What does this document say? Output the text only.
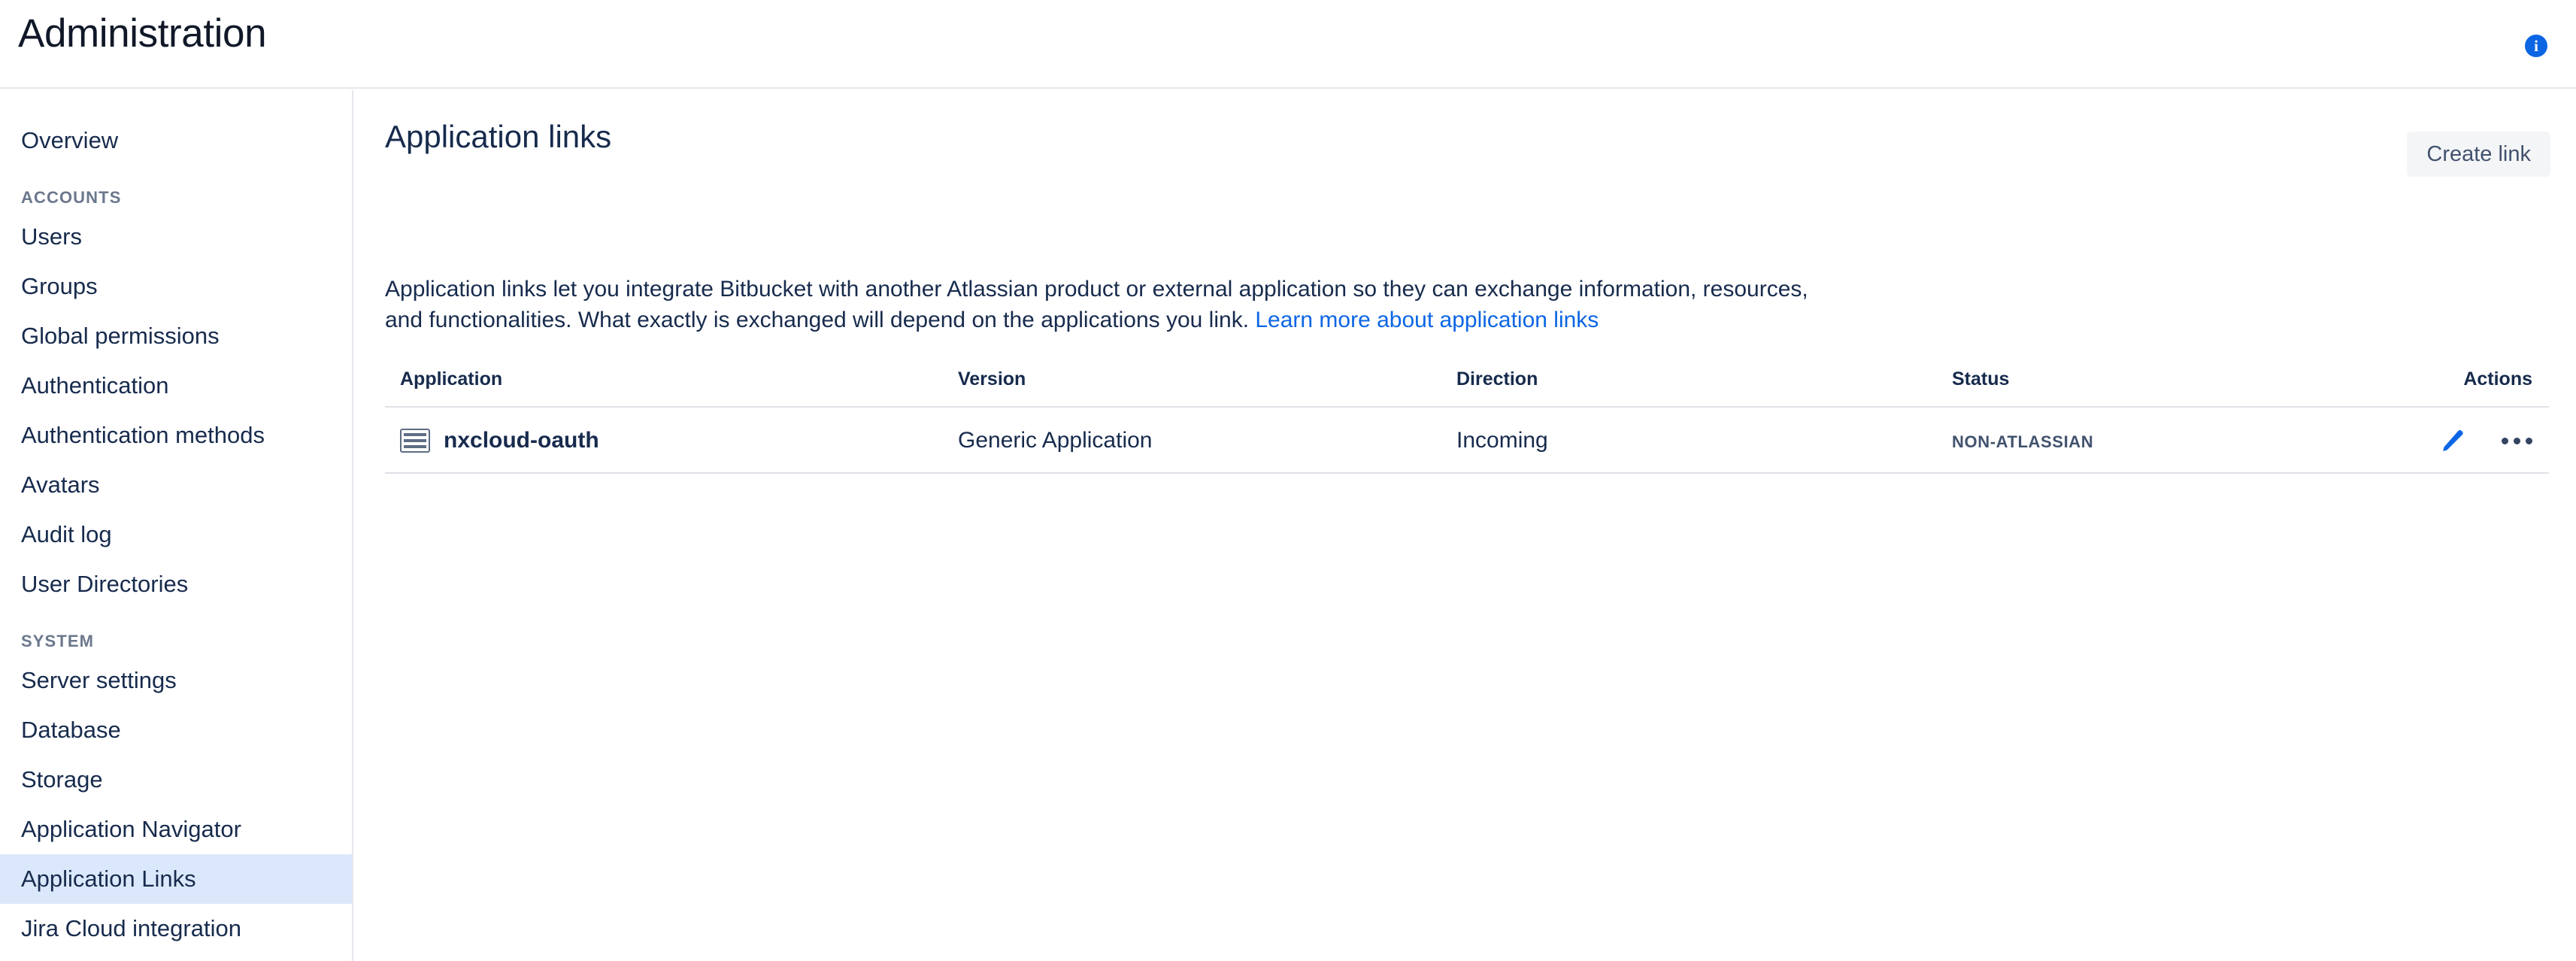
Administration	i
Overview
ACCOUNTS
Users
Groups
Global permissions
Authentication
Authentication methods
Avatars
Audit log
User Directories
SYSTEM
Server settings
Database
Storage
Application Navigator
Application Links
Jira Cloud integration
Application links	Create link
Application links let you integrate Bitbucket with another Atlassian product or external application so they can exchange information, resources, and functionalities. What exactly is exchanged will depend on the applications you link. Learn more about application links
Application	Version	Direction	Status	Actions
nxcloud-oauth	Generic Application	Incoming	NON-ATLASSIAN
